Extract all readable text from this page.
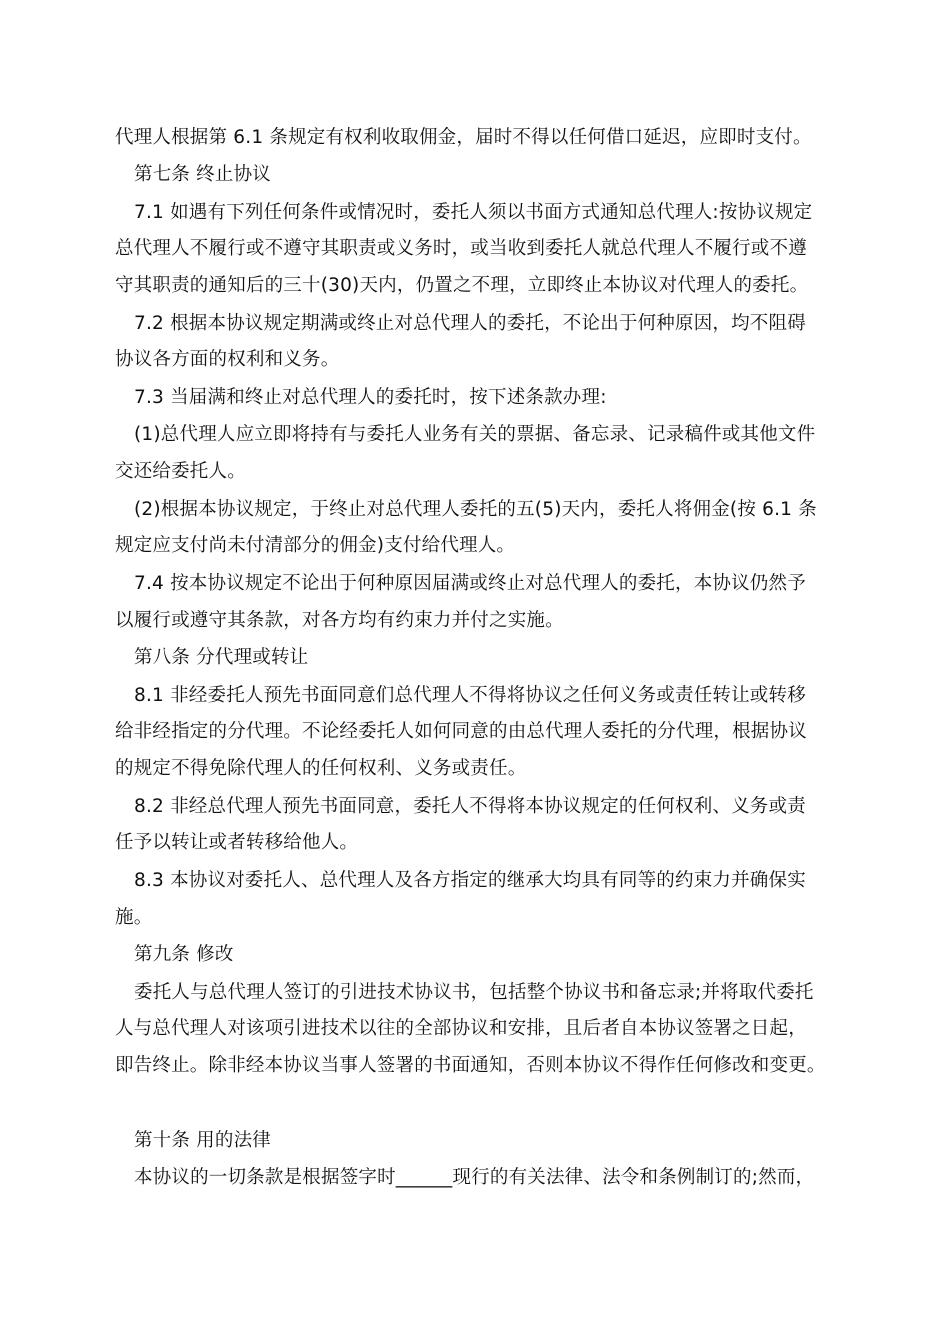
代理人根据第 6.1 条规定有权利收取佣金，届时不得以任何借口延迟，应即时支付。
第七条 终止协议
7.1 如遇有下列任何条件或情况时，委托人须以书面方式通知总代理人:按协议规定
总代理人不履行或不遵守其职责或义务时，或当收到委托人就总代理人不履行或不遵
守其职责的通知后的三十(30)天内，仍置之不理，立即终止本协议对代理人的委托。
7.2 根据本协议规定期满或终止对总代理人的委托，不论出于何种原因，均不阻碍
协议各方面的权利和义务。
7.3 当届满和终止对总代理人的委托时，按下述条款办理:
(1)总代理人应立即将持有与委托人业务有关的票据、备忘录、记录稿件或其他文件
交还给委托人。
(2)根据本协议规定，于终止对总代理人委托的五(5)天内，委托人将佣金(按 6.1 条
规定应支付尚未付清部分的佣金)支付给代理人。
7.4 按本协议规定不论出于何种原因届满或终止对总代理人的委托，本协议仍然予
以履行或遵守其条款，对各方均有约束力并付之实施。
第八条 分代理或转让
8.1 非经委托人预先书面同意们总代理人不得将协议之任何义务或责任转让或转移
给非经指定的分代理。不论经委托人如何同意的由总代理人委托的分代理，根据协议
的规定不得免除代理人的任何权利、义务或责任。
8.2 非经总代理人预先书面同意，委托人不得将本协议规定的任何权利、义务或责
任予以转让或者转移给他人。
8.3 本协议对委托人、总代理人及各方指定的继承大均具有同等的约束力并确保实
施。
第九条 修改
委托人与总代理人签订的引进技术协议书，包括整个协议书和备忘录;并将取代委托
人与总代理人对该项引进技术以往的全部协议和安排，且后者自本协议签署之日起，
即告终止。除非经本协议当事人签署的书面通知，否则本协议不得作任何修改和变更。
第十条 用的法律
本协议的一切条款是根据签字时______现行的有关法律、法令和条例制订的;然而，
